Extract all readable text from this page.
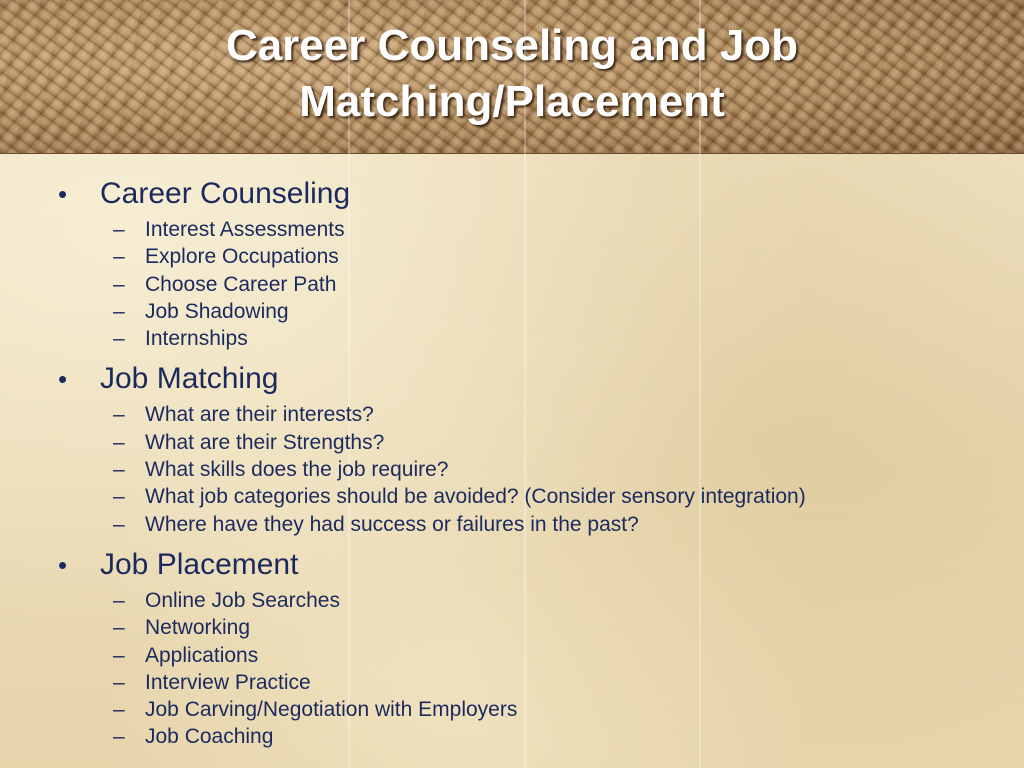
Career Counseling and Job
Matching/Placement
• Career Counseling
– Interest Assessments
– Explore Occupations
– Choose Career Path
– Job Shadowing
– Internships
• Job Matching
– What are their interests?
– What are their Strengths?
– What skills does the job require?
– What job categories should be avoided? (Consider sensory integration)
– Where have they had success or failures in the past?
• Job Placement
– Online Job Searches
– Networking
– Applications
– Interview Practice
– Job Carving/Negotiation with Employers
– Job Coaching
